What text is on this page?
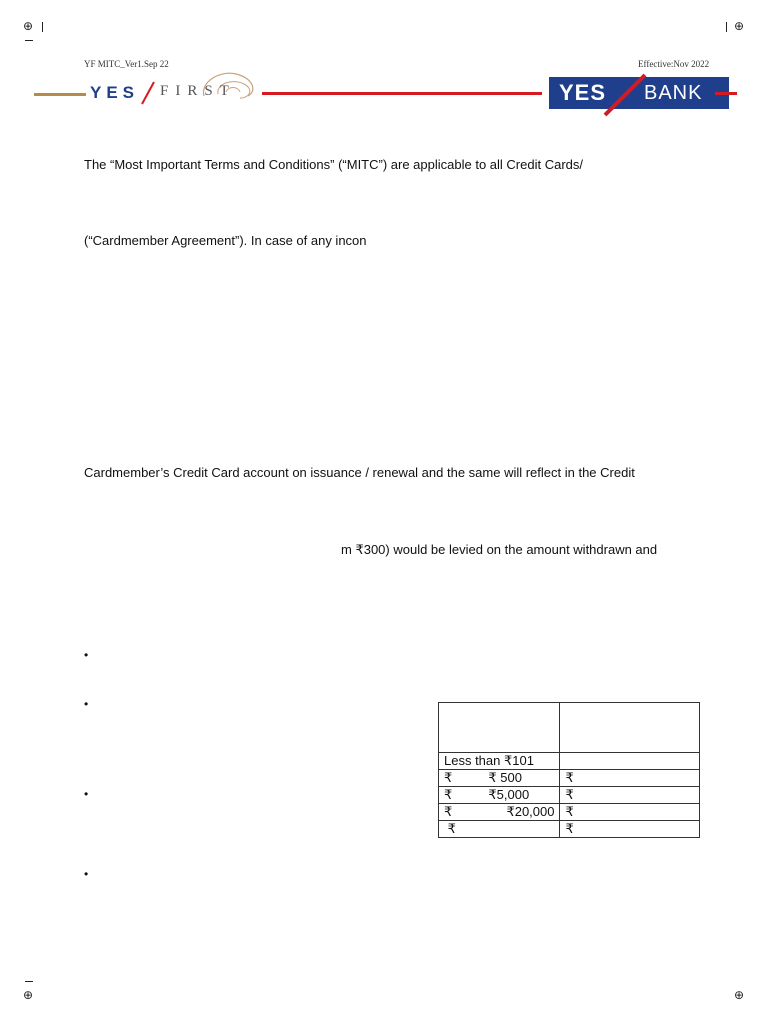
⊕	⊕
⊕	⊕
YF MITC_Ver1.Sep 22	Effective:Nov 2022
YES FIRST	YES BANK
The “Most Important Terms and Conditions” (“MITC”) are applicable to all Credit Cards/
(“Cardmember Agreement”). In case of any incon
Cardmember’s Credit Card account on issuance / renewal and the same will reflect in the Credit
m ₹300) would be levied on the amount withdrawn and
•
•
•
•

Less than ₹101	
₹          ₹ 500	₹
₹          ₹5,000	₹
₹               ₹20,000	₹
₹	₹
